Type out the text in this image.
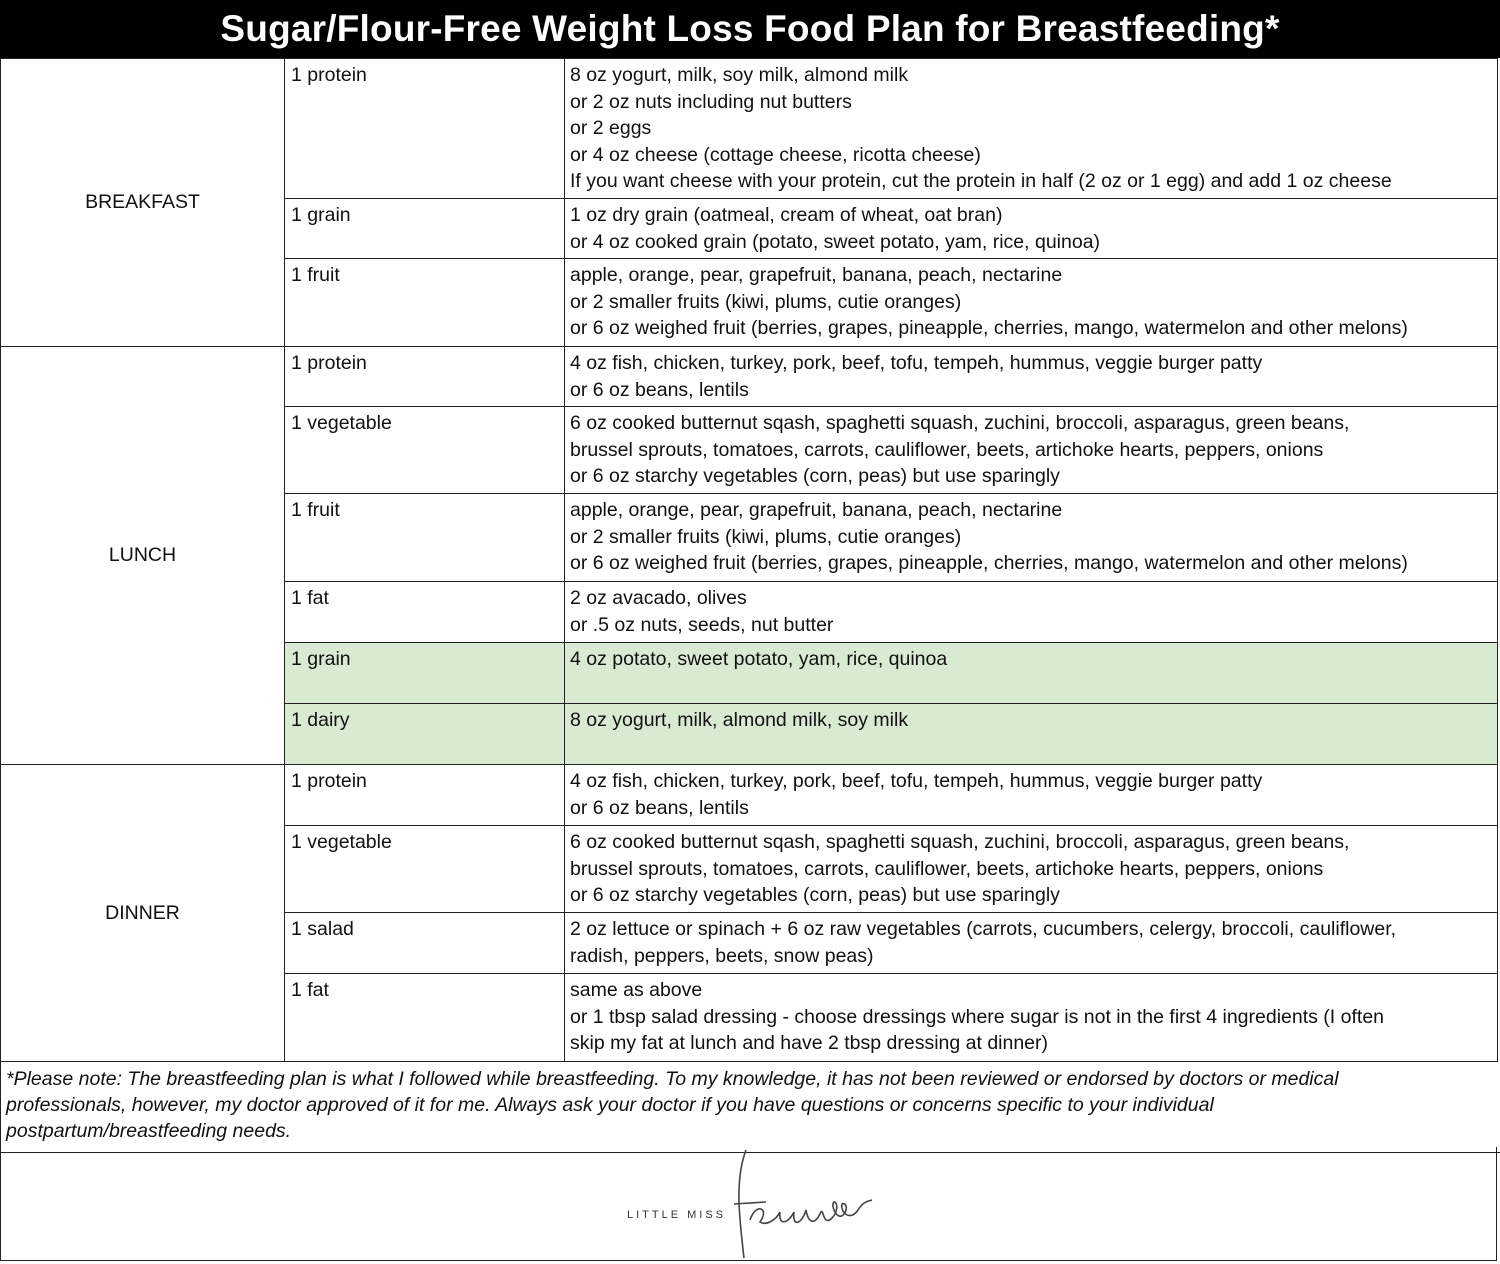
Sugar/Flour-Free Weight Loss Food Plan for Breastfeeding*
BREAKFAST	1 protein	8 oz yogurt, milk, soy milk, almond milk
or 2 oz nuts including nut butters
or 2 eggs
or 4 oz cheese (cottage cheese, ricotta cheese)
If you want cheese with your protein, cut the protein in half (2 oz or 1 egg) and add 1 oz cheese

	1 grain	1 oz dry grain (oatmeal, cream of wheat, oat bran)
or 4 oz cooked grain (potato, sweet potato, yam, rice, quinoa)

	1 fruit	apple, orange, pear, grapefruit, banana, peach, nectarine
or 2 smaller fruits (kiwi, plums, cutie oranges)
or 6 oz weighed fruit (berries, grapes, pineapple, cherries, mango, watermelon and other melons)

LUNCH	1 protein	4 oz fish, chicken, turkey, pork, beef, tofu, tempeh, hummus, veggie burger patty
or 6 oz beans, lentils

	1 vegetable	6 oz cooked butternut sqash, spaghetti squash, zuchini, broccoli, asparagus, green beans,
brussel sprouts, tomatoes, carrots, cauliflower, beets, artichoke hearts, peppers, onions
or 6 oz starchy vegetables (corn, peas) but use sparingly

	1 fruit	apple, orange, pear, grapefruit, banana, peach, nectarine
or 2 smaller fruits (kiwi, plums, cutie oranges)
or 6 oz weighed fruit (berries, grapes, pineapple, cherries, mango, watermelon and other melons)

	1 fat	2 oz avacado, olives
or .5 oz nuts, seeds, nut butter

	1 grain	4 oz potato, sweet potato, yam, rice, quinoa

	1 dairy	8 oz yogurt, milk, almond milk, soy milk

DINNER	1 protein	4 oz fish, chicken, turkey, pork, beef, tofu, tempeh, hummus, veggie burger patty
or 6 oz beans, lentils

	1 vegetable	6 oz cooked butternut sqash, spaghetti squash, zuchini, broccoli, asparagus, green beans,
brussel sprouts, tomatoes, carrots, cauliflower, beets, artichoke hearts, peppers, onions
or 6 oz starchy vegetables (corn, peas) but use sparingly

	1 salad	2 oz lettuce or spinach + 6 oz raw vegetables (carrots, cucumbers, celergy, broccoli, cauliflower,
radish, peppers, beets, snow peas)

	1 fat	same as above
or 1 tbsp salad dressing - choose dressings where sugar is not in the first 4 ingredients (I often
skip my fat at lunch and have 2 tbsp dressing at dinner)
*Please note: The breastfeeding plan is what I followed while breastfeeding. To my knowledge, it has not been reviewed or endorsed by doctors or medical
professionals, however, my doctor approved of it for me. Always ask your doctor if you have questions or concerns specific to your individual
postpartum/breastfeeding needs.
LITTLE MISS
